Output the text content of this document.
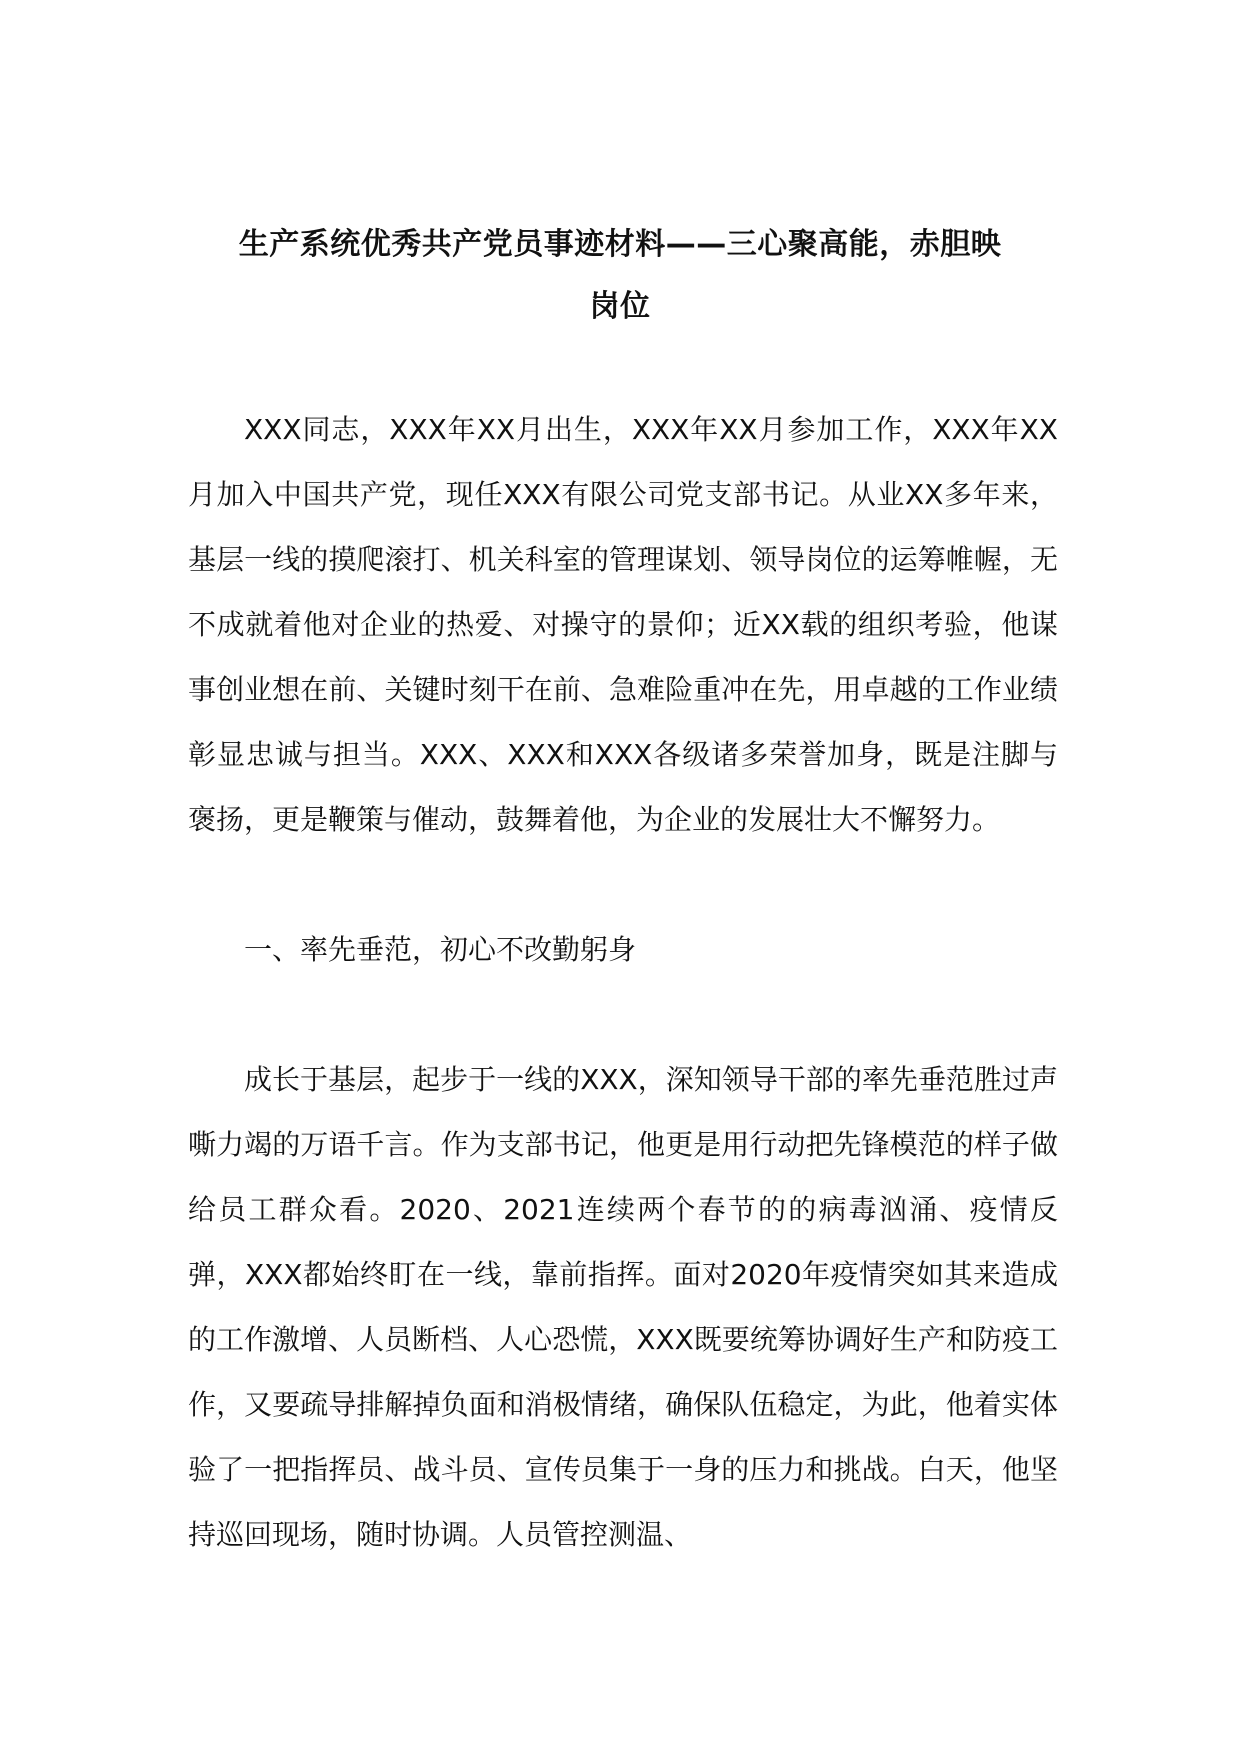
生产系统优秀共产党员事迹材料——三心聚高能，赤胆映
岗位

XXX同志，XXX年XX月出生，XXX年XX月参加工作，XXX年XX月加入中国共产党，现任XXX有限公司党支部书记。从业XX多年来，基层一线的摸爬滚打、机关科室的管理谋划、领导岗位的运筹帷幄，无不成就着他对企业的热爱、对操守的景仰；近XX载的组织考验，他谋事创业想在前、关键时刻干在前、急难险重冲在先，用卓越的工作业绩彰显忠诚与担当。XXX、XXX和XXX各级诸多荣誉加身，既是注脚与褒扬，更是鞭策与催动，鼓舞着他，为企业的发展壮大不懈努力。

一、率先垂范，初心不改勤躬身

成长于基层，起步于一线的XXX，深知领导干部的率先垂范胜过声嘶力竭的万语千言。作为支部书记，他更是用行动把先锋模范的样子做给员工群众看。2020、2021连续两个春节的的病毒汹涌、疫情反弹，XXX都始终盯在一线，靠前指挥。面对2020年疫情突如其来造成的工作激增、人员断档、人心恐慌，XXX既要统筹协调好生产和防疫工作，又要疏导排解掉负面和消极情绪，确保队伍稳定，为此，他着实体验了一把指挥员、战斗员、宣传员集于一身的压力和挑战。白天，他坚持巡回现场，随时协调。人员管控测温、
